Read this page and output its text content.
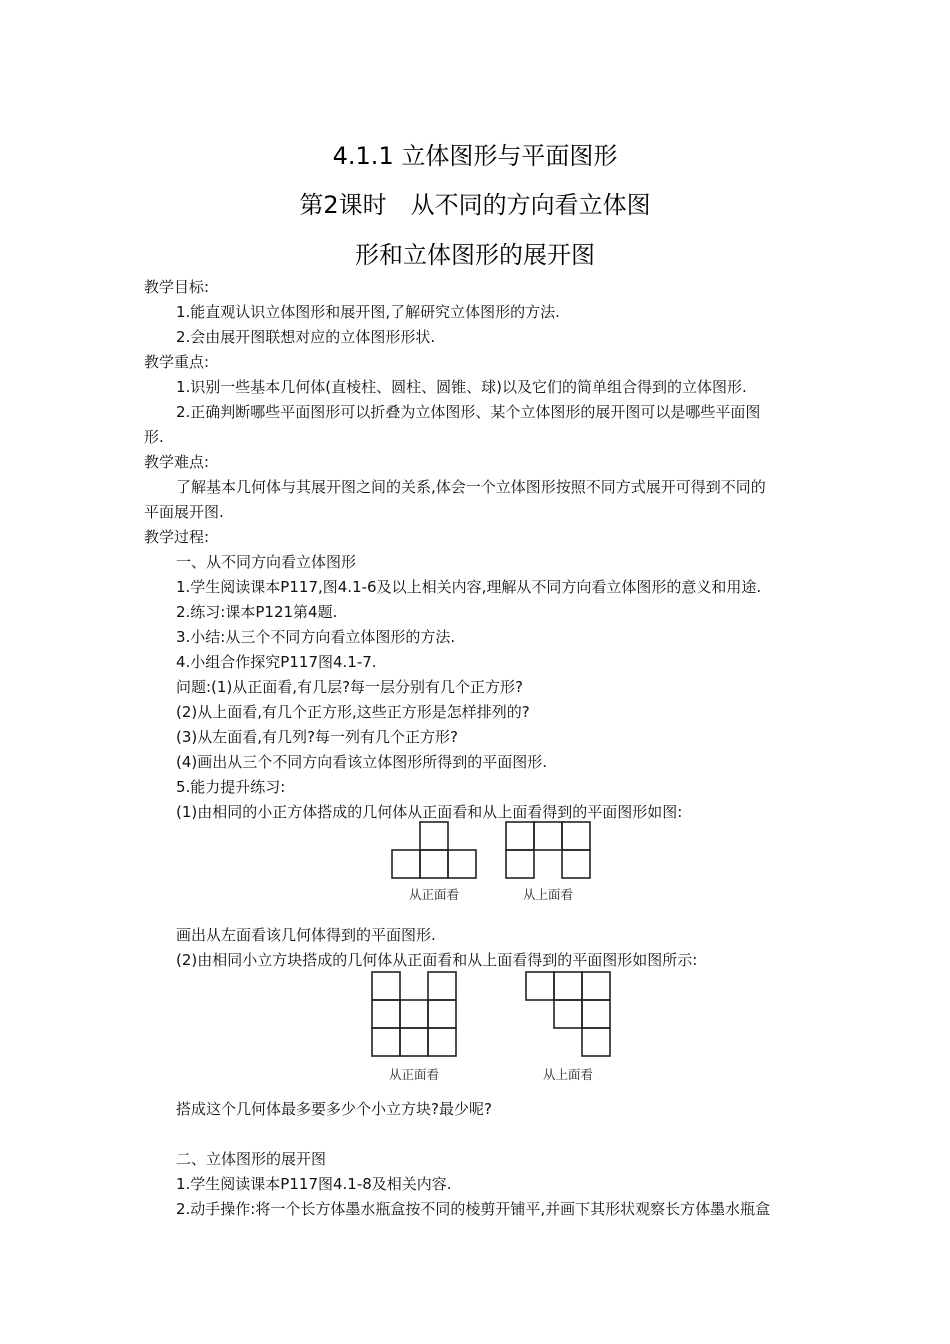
4.1.1 立体图形与平面图形
第2课时　从不同的方向看立体图
形和立体图形的展开图
教学目标:
1.能直观认识立体图形和展开图,了解研究立体图形的方法.
2.会由展开图联想对应的立体图形形状.
教学重点:
1.识别一些基本几何体(直棱柱、圆柱、圆锥、球)以及它们的简单组合得到的立体图形.
2.正确判断哪些平面图形可以折叠为立体图形、某个立体图形的展开图可以是哪些平面图
形.
教学难点:
了解基本几何体与其展开图之间的关系,体会一个立体图形按照不同方式展开可得到不同的
平面展开图.
教学过程:
一、从不同方向看立体图形
1.学生阅读课本P117,图4.1-6及以上相关内容,理解从不同方向看立体图形的意义和用途.
2.练习:课本P121第4题.
3.小结:从三个不同方向看立体图形的方法.
4.小组合作探究P117图4.1-7.
问题:(1)从正面看,有几层?每一层分别有几个正方形?
(2)从上面看,有几个正方形,这些正方形是怎样排列的?
(3)从左面看,有几列?每一列有几个正方形?
(4)画出从三个不同方向看该立体图形所得到的平面图形.
5.能力提升练习:
(1)由相同的小正方体搭成的几何体从正面看和从上面看得到的平面图形如图:
从正面看	从上面看
画出从左面看该几何体得到的平面图形.
(2)由相同小立方块搭成的几何体从正面看和从上面看得到的平面图形如图所示:
从正面看	从上面看
搭成这个几何体最多要多少个小立方块?最少呢?
二、立体图形的展开图
1.学生阅读课本P117图4.1-8及相关内容.
2.动手操作:将一个长方体墨水瓶盒按不同的棱剪开铺平,并画下其形状观察长方体墨水瓶盒
